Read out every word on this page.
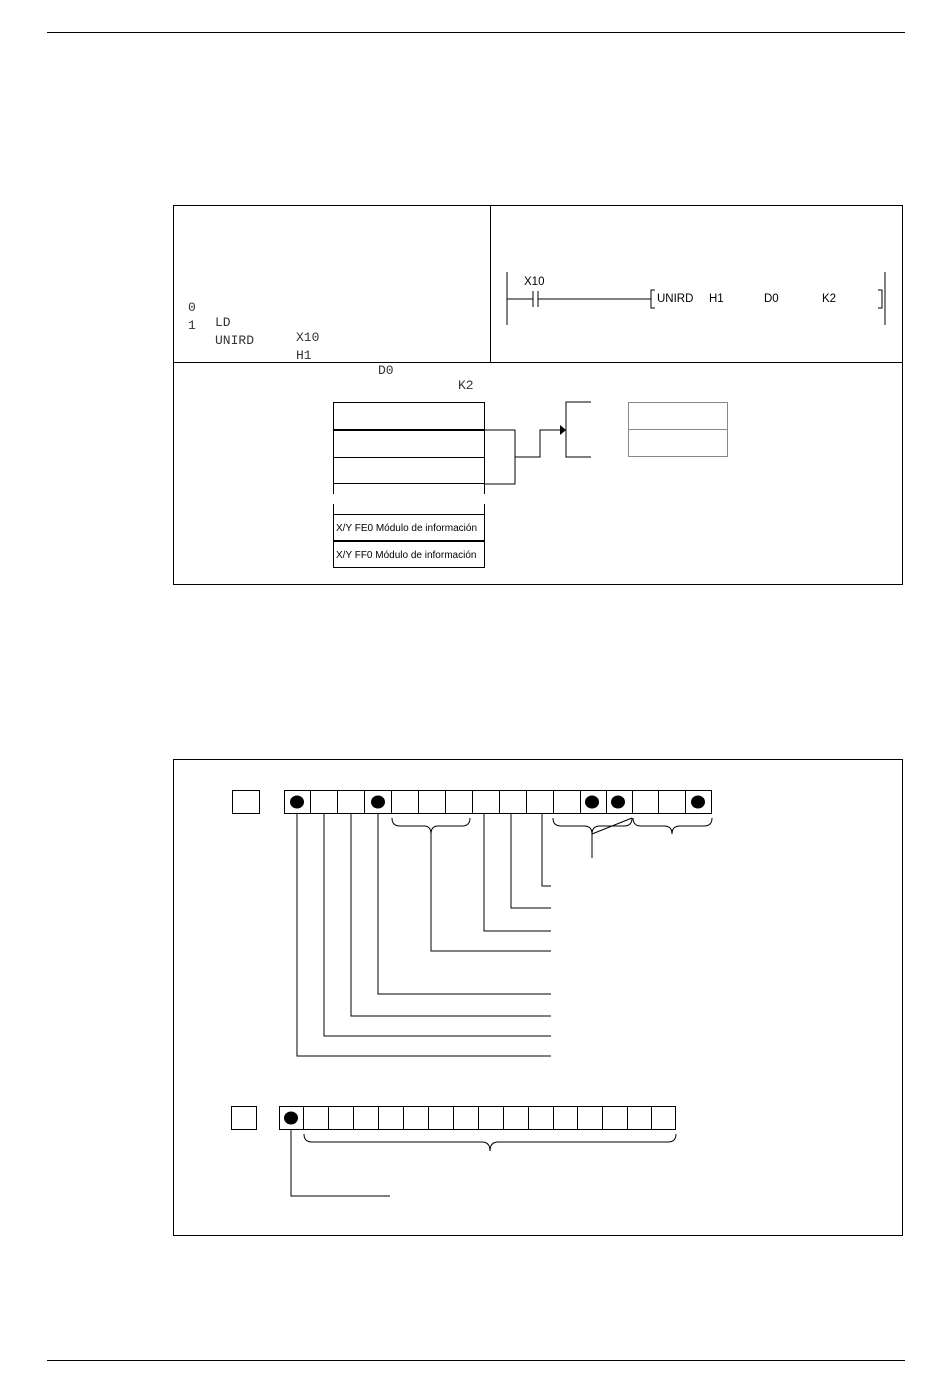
0

LD

X10

1

UNIRD

H1

D0

K2

X10
UNIRD H1	D0	K2
X/Y FE0 Módulo de información
X/Y FF0 Módulo de información
